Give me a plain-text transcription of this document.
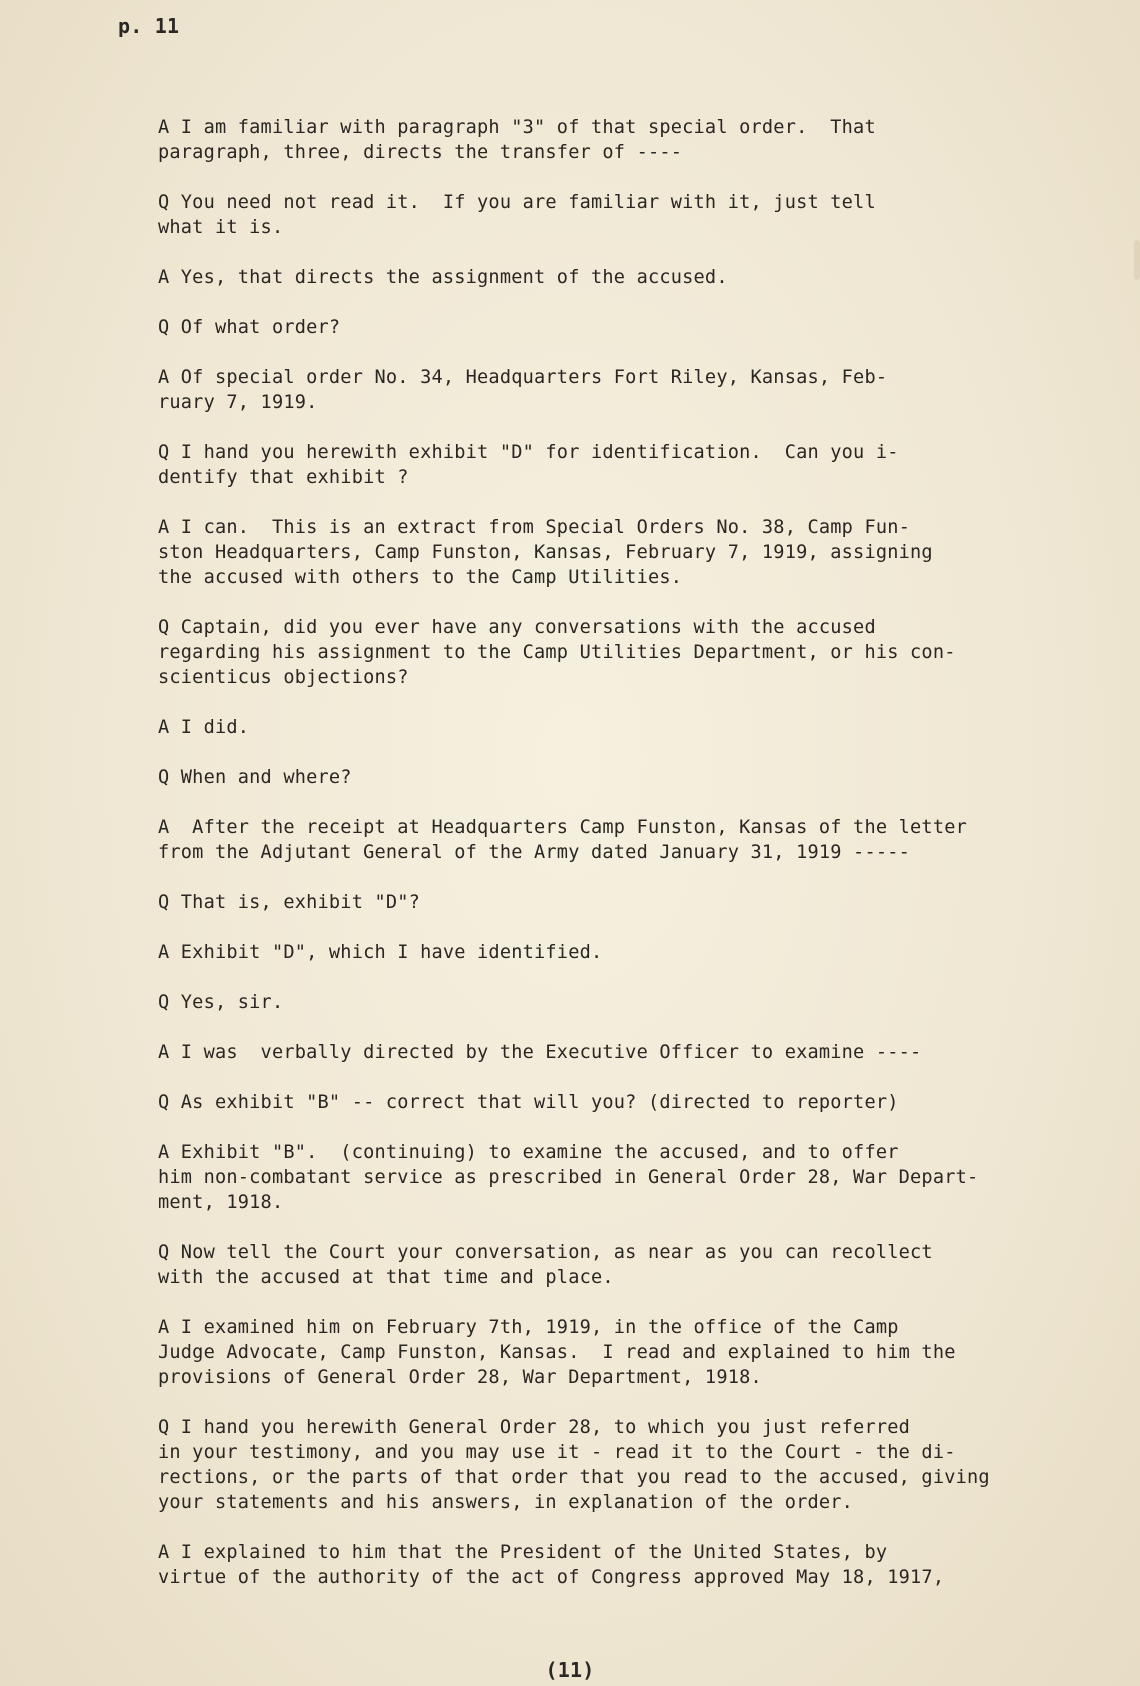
p. 11
A I am familiar with paragraph "3" of that special order.  That
paragraph, three, directs the transfer of ----
Q You need not read it.  If you are familiar with it, just tell
what it is.
A Yes, that directs the assignment of the accused.
Q Of what order?
A Of special order No. 34, Headquarters Fort Riley, Kansas, Feb-
ruary 7, 1919.
Q I hand you herewith exhibit "D" for identification.  Can you i-
dentify that exhibit ?
A I can.  This is an extract from Special Orders No. 38, Camp Fun-
ston Headquarters, Camp Funston, Kansas, February 7, 1919, assigning
the accused with others to the Camp Utilities.
Q Captain, did you ever have any conversations with the accused
regarding his assignment to the Camp Utilities Department, or his con-
scienticus objections?
A I did.
Q When and where?
A  After the receipt at Headquarters Camp Funston, Kansas of the letter
from the Adjutant General of the Army dated January 31, 1919 -----
Q That is, exhibit "D"?
A Exhibit "D", which I have identified.
Q Yes, sir.
A I was  verbally directed by the Executive Officer to examine ----
Q As exhibit "B" -- correct that will you? (directed to reporter)
A Exhibit "B".  (continuing) to examine the accused, and to offer
him non-combatant service as prescribed in General Order 28, War Depart-
ment, 1918.
Q Now tell the Court your conversation, as near as you can recollect
with the accused at that time and place.
A I examined him on February 7th, 1919, in the office of the Camp
Judge Advocate, Camp Funston, Kansas.  I read and explained to him the
provisions of General Order 28, War Department, 1918.
Q I hand you herewith General Order 28, to which you just referred
in your testimony, and you may use it - read it to the Court - the di-
rections, or the parts of that order that you read to the accused, giving
your statements and his answers, in explanation of the order.
A I explained to him that the President of the United States, by
virtue of the authority of the act of Congress approved May 18, 1917,
(11)
